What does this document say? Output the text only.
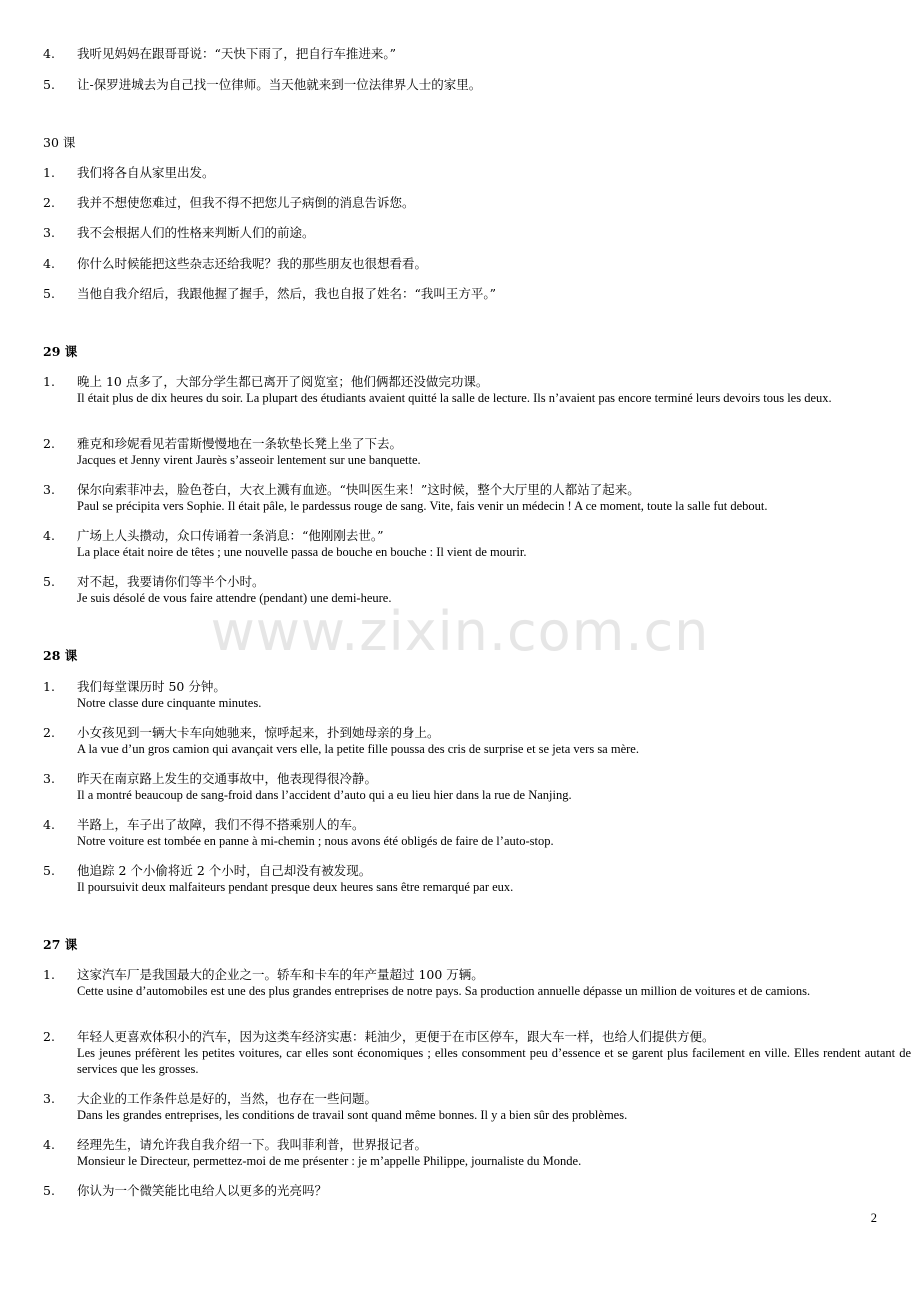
www.zixin.com.cn
4. 我听见妈妈在跟哥哥说：“天快下雨了，把自行车推进来。”
5. 让-保罗进城去为自己找一位律师。当天他就来到一位法律界人士的家里。
30 课
1. 我们将各自从家里出发。
2. 我并不想使您难过，但我不得不把您儿子病倒的消息告诉您。
3. 我不会根据人们的性格来判断人们的前途。
4. 你什么时候能把这些杂志还给我呢？我的那些朋友也很想看看。
5. 当他自我介绍后，我跟他握了握手，然后，我也自报了姓名：“我叫王方平。”
29 课
1. 晚上 10 点多了，大部分学生都已离开了阅览室；他们俩都还没做完功课。
Il était plus de dix heures du soir. La plupart des étudiants avaient quitté la salle de lecture. Ils n’avaient pas encore terminé leurs devoirs tous les deux.
2. 雅克和珍妮看见若雷斯慢慢地在一条软垫长凳上坐了下去。
Jacques et Jenny virent Jaurès s’asseoir lentement sur une banquette.
3. 保尔向索菲冲去，脸色苍白，大衣上溅有血迹。“快叫医生来！”这时候，整个大厅里的人都站了起来。
Paul se précipita vers Sophie. Il était pâle, le pardessus rouge de sang. Vite, fais venir un médecin ! A ce moment, toute la salle fut debout.
4. 广场上人头攒动，众口传诵着一条消息：“他刚刚去世。”
La place était noire de têtes ; une nouvelle passa de bouche en bouche : Il vient de mourir.
5. 对不起，我要请你们等半个小时。
Je suis désolé de vous faire attendre (pendant) une demi-heure.
28 课
1. 我们每堂课历时 50 分钟。
Notre classe dure cinquante minutes.
2. 小女孩见到一辆大卡车向她驰来，惊呼起来，扑到她母亲的身上。
A la vue d’un gros camion qui avançait vers elle, la petite fille poussa des cris de surprise et se jeta vers sa mère.
3. 昨天在南京路上发生的交通事故中，他表现得很冷静。
Il a montré beaucoup de sang-froid dans l’accident d’auto qui a eu lieu hier dans la rue de Nanjing.
4. 半路上，车子出了故障，我们不得不搭乘别人的车。
Notre voiture est tombée en panne à mi-chemin ; nous avons été obligés de faire de l’auto-stop.
5. 他追踪 2 个小偷将近 2 个小时，自己却没有被发现。
Il poursuivit deux malfaiteurs pendant presque deux heures sans être remarqué par eux.
27 课
1. 这家汽车厂是我国最大的企业之一。轿车和卡车的年产量超过 100 万辆。
Cette usine d’automobiles est une des plus grandes entreprises de notre pays. Sa production annuelle dépasse un million de voitures et de camions.
2. 年轻人更喜欢体积小的汽车，因为这类车经济实惠：耗油少，更便于在市区停车，跟大车一样，也给人们提供方便。
Les jeunes préfèrent les petites voitures, car elles sont économiques ; elles consomment peu d’essence et se garent plus facilement en ville. Elles rendent autant de services que les grosses.
3. 大企业的工作条件总是好的，当然，也存在一些问题。
Dans les grandes entreprises, les conditions de travail sont quand même bonnes. Il y a bien sûr des problèmes.
4. 经理先生，请允许我自我介绍一下。我叫菲利普，世界报记者。
Monsieur le Directeur, permettez-moi de me présenter : je m’appelle Philippe, journaliste du Monde.
5. 你认为一个微笑能比电给人以更多的光亮吗？
2
